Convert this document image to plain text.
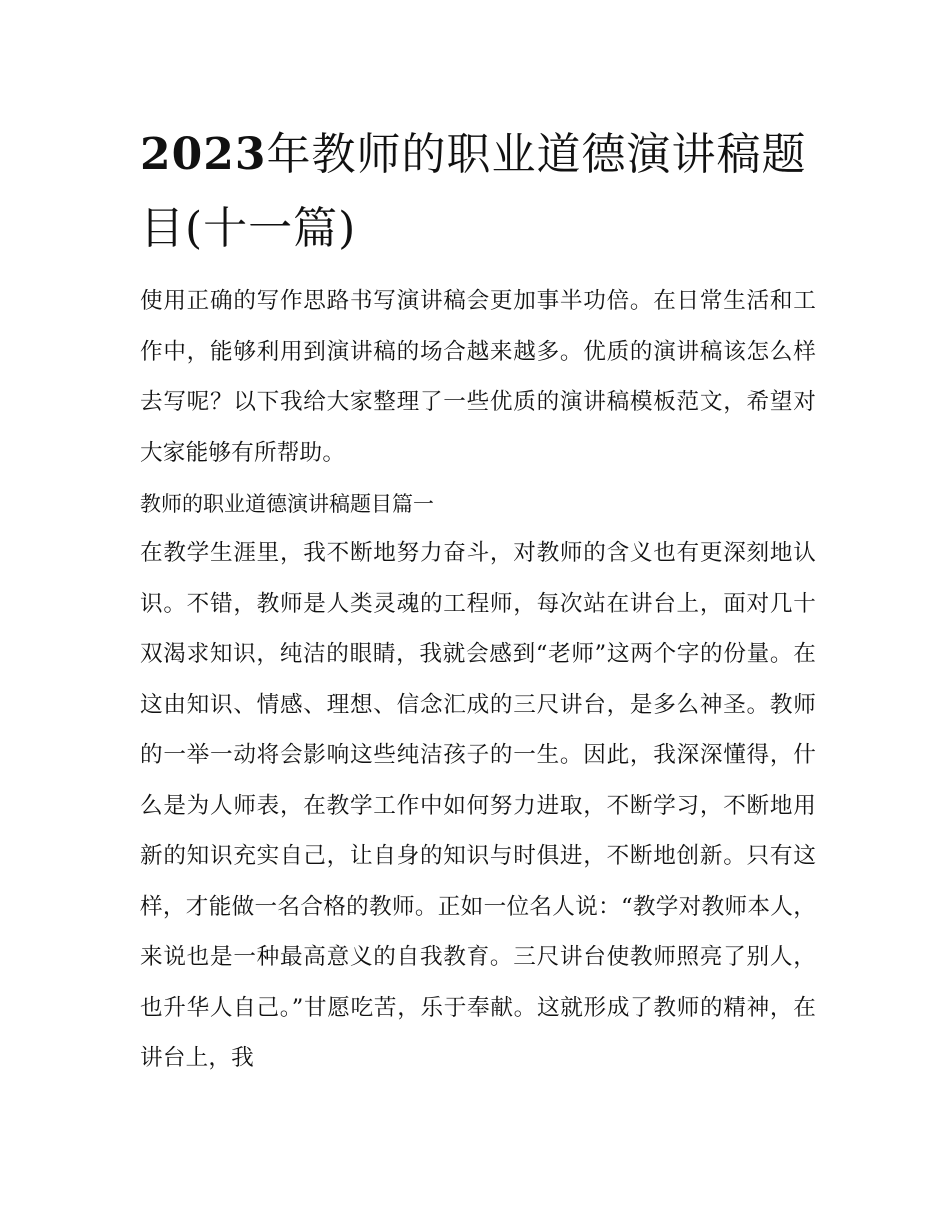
2023年教师的职业道德演讲稿题目(十一篇)

使用正确的写作思路书写演讲稿会更加事半功倍。在日常生活和工作中，能够利用到演讲稿的场合越来越多。优质的演讲稿该怎么样去写呢？以下我给大家整理了一些优质的演讲稿模板范文，希望对大家能够有所帮助。

教师的职业道德演讲稿题目篇一

在教学生涯里，我不断地努力奋斗，对教师的含义也有更深刻地认识。不错，教师是人类灵魂的工程师，每次站在讲台上，面对几十双渴求知识，纯洁的眼睛，我就会感到“老师”这两个字的份量。在这由知识、情感、理想、信念汇成的三尺讲台，是多么神圣。教师的一举一动将会影响这些纯洁孩子的一生。因此，我深深懂得，什么是为人师表，在教学工作中如何努力进取，不断学习，不断地用新的知识充实自己，让自身的知识与时俱进，不断地创新。只有这样，才能做一名合格的教师。正如一位名人说：“教学对教师本人，来说也是一种最高意义的自我教育。三尺讲台使教师照亮了别人，也升华人自己。”甘愿吃苦，乐于奉献。这就形成了教师的精神，在讲台上，我
